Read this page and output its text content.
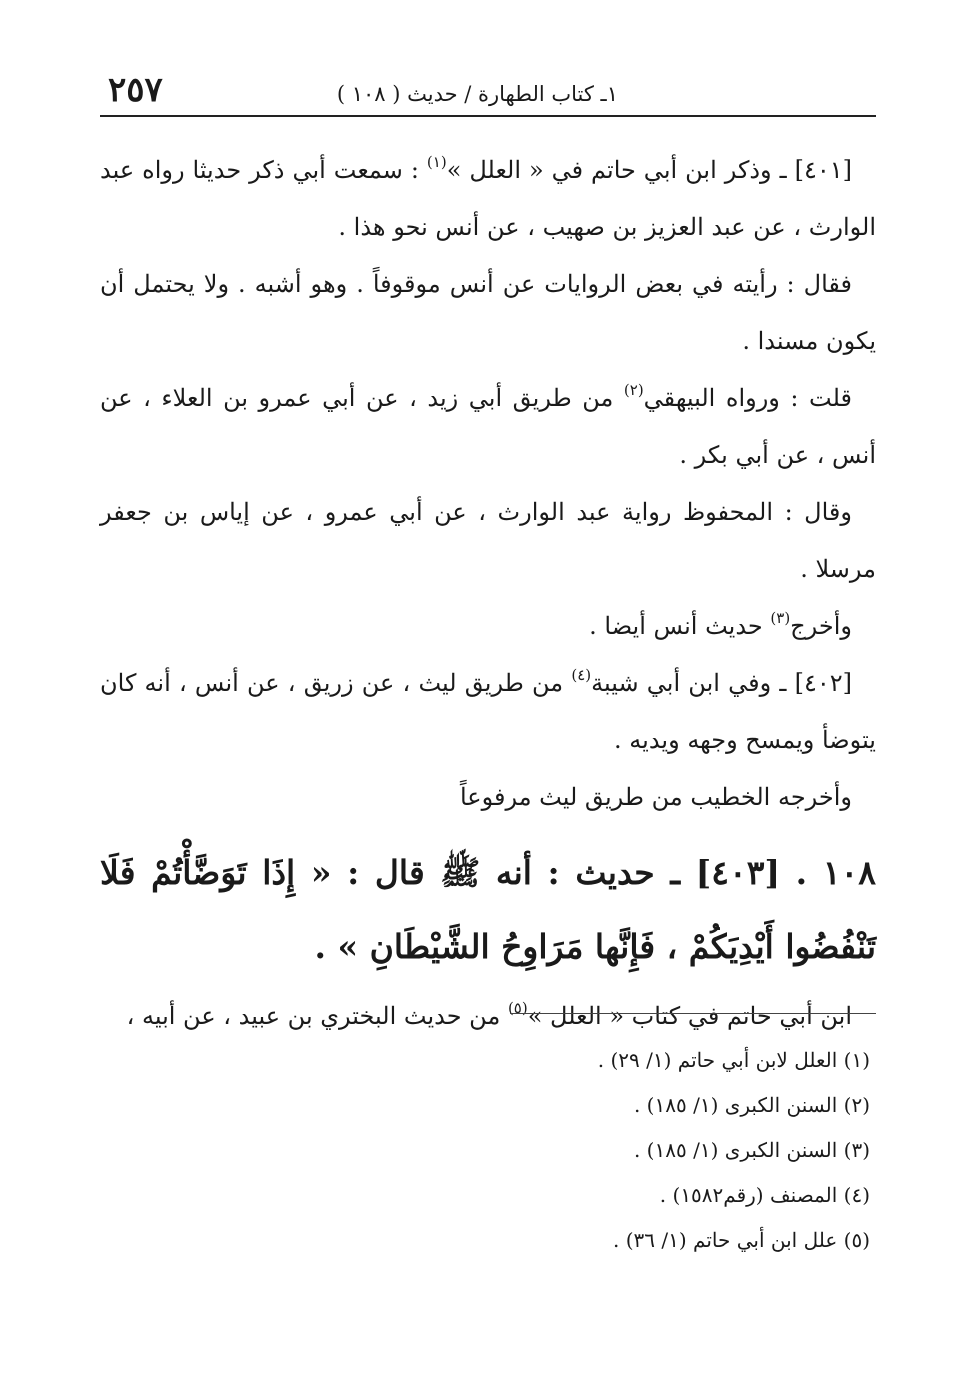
١ـ كتاب الطهارة / حديث ( ١٠٨ )
٢٥٧

[٤٠١] ـ وذكر ابن أبي حاتم في « العلل »$^{(١)}$ : سمعت أبي ذكر حديثا رواه عبد الوارث ، عن عبد العزيز بن صهيب ، عن أنس نحو هذا .

فقال : رأيته في بعض الروايات عن أنس موقوفاً . وهو أشبه . ولا يحتمل أن يكون مسندا .

قلت : ورواه البيهقي$^{(٢)}$ من طريق أبي زيد ، عن أبي عمرو بن العلاء ، عن أنس ، عن أبي بكر .

وقال : المحفوظ رواية عبد الوارث ، عن أبي عمرو ، عن إياس بن جعفر مرسلا .

وأخرج$^{(٣)}$ حديث أنس أيضا .

[٤٠٢] ـ وفي ابن أبي شيبة$^{(٤)}$ من طريق ليث ، عن زريق ، عن أنس ، أنه كان يتوضأ ويمسح وجهه ويديه .

وأخرجه الخطيب من طريق ليث مرفوعاً

١٠٨ . [٤٠٣] ـ حديث : أنه ﷺ قال : « إِذَا تَوَضَّأْتُمْ فَلَا تَنْفُضُوا أَيْدِيَكُمْ ، فَإِنَّها مَرَاوِحُ الشَّيْطَانِ » .

ابن أبي حاتم في كتاب « العلل »$^{(٥)}$ من حديث البختري بن عبيد ، عن أبيه ،

(١) العلل لابن أبي حاتم (١/ ٢٩) .

(٢) السنن الكبرى (١/ ١٨٥) .

(٣) السنن الكبرى (١/ ١٨٥) .

(٤) المصنف (رقم١٥٨٢) .

(٥) علل ابن أبي حاتم (١/ ٣٦) .
